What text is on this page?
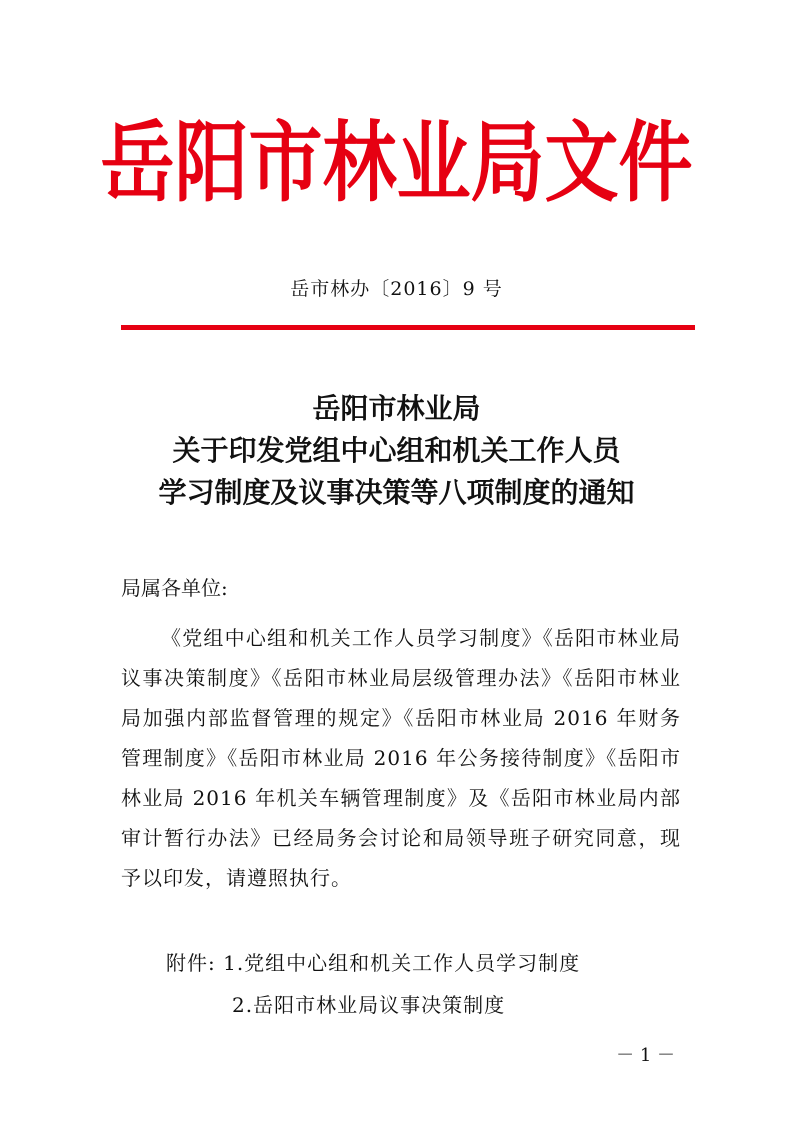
岳阳市林业局文件
岳市林办〔2016〕9 号
岳阳市林业局
关于印发党组中心组和机关工作人员
学习制度及议事决策等八项制度的通知
局属各单位:
《党组中心组和机关工作人员学习制度》《岳阳市林业局议事决策制度》《岳阳市林业局层级管理办法》《岳阳市林业局加强内部监督管理的规定》《岳阳市林业局 2016 年财务管理制度》《岳阳市林业局 2016 年公务接待制度》《岳阳市林业局 2016 年机关车辆管理制度》及《岳阳市林业局内部审计暂行办法》已经局务会讨论和局领导班子研究同意，现予以印发，请遵照执行。
附件: 1.党组中心组和机关工作人员学习制度
2.岳阳市林业局议事决策制度
－ 1 －
